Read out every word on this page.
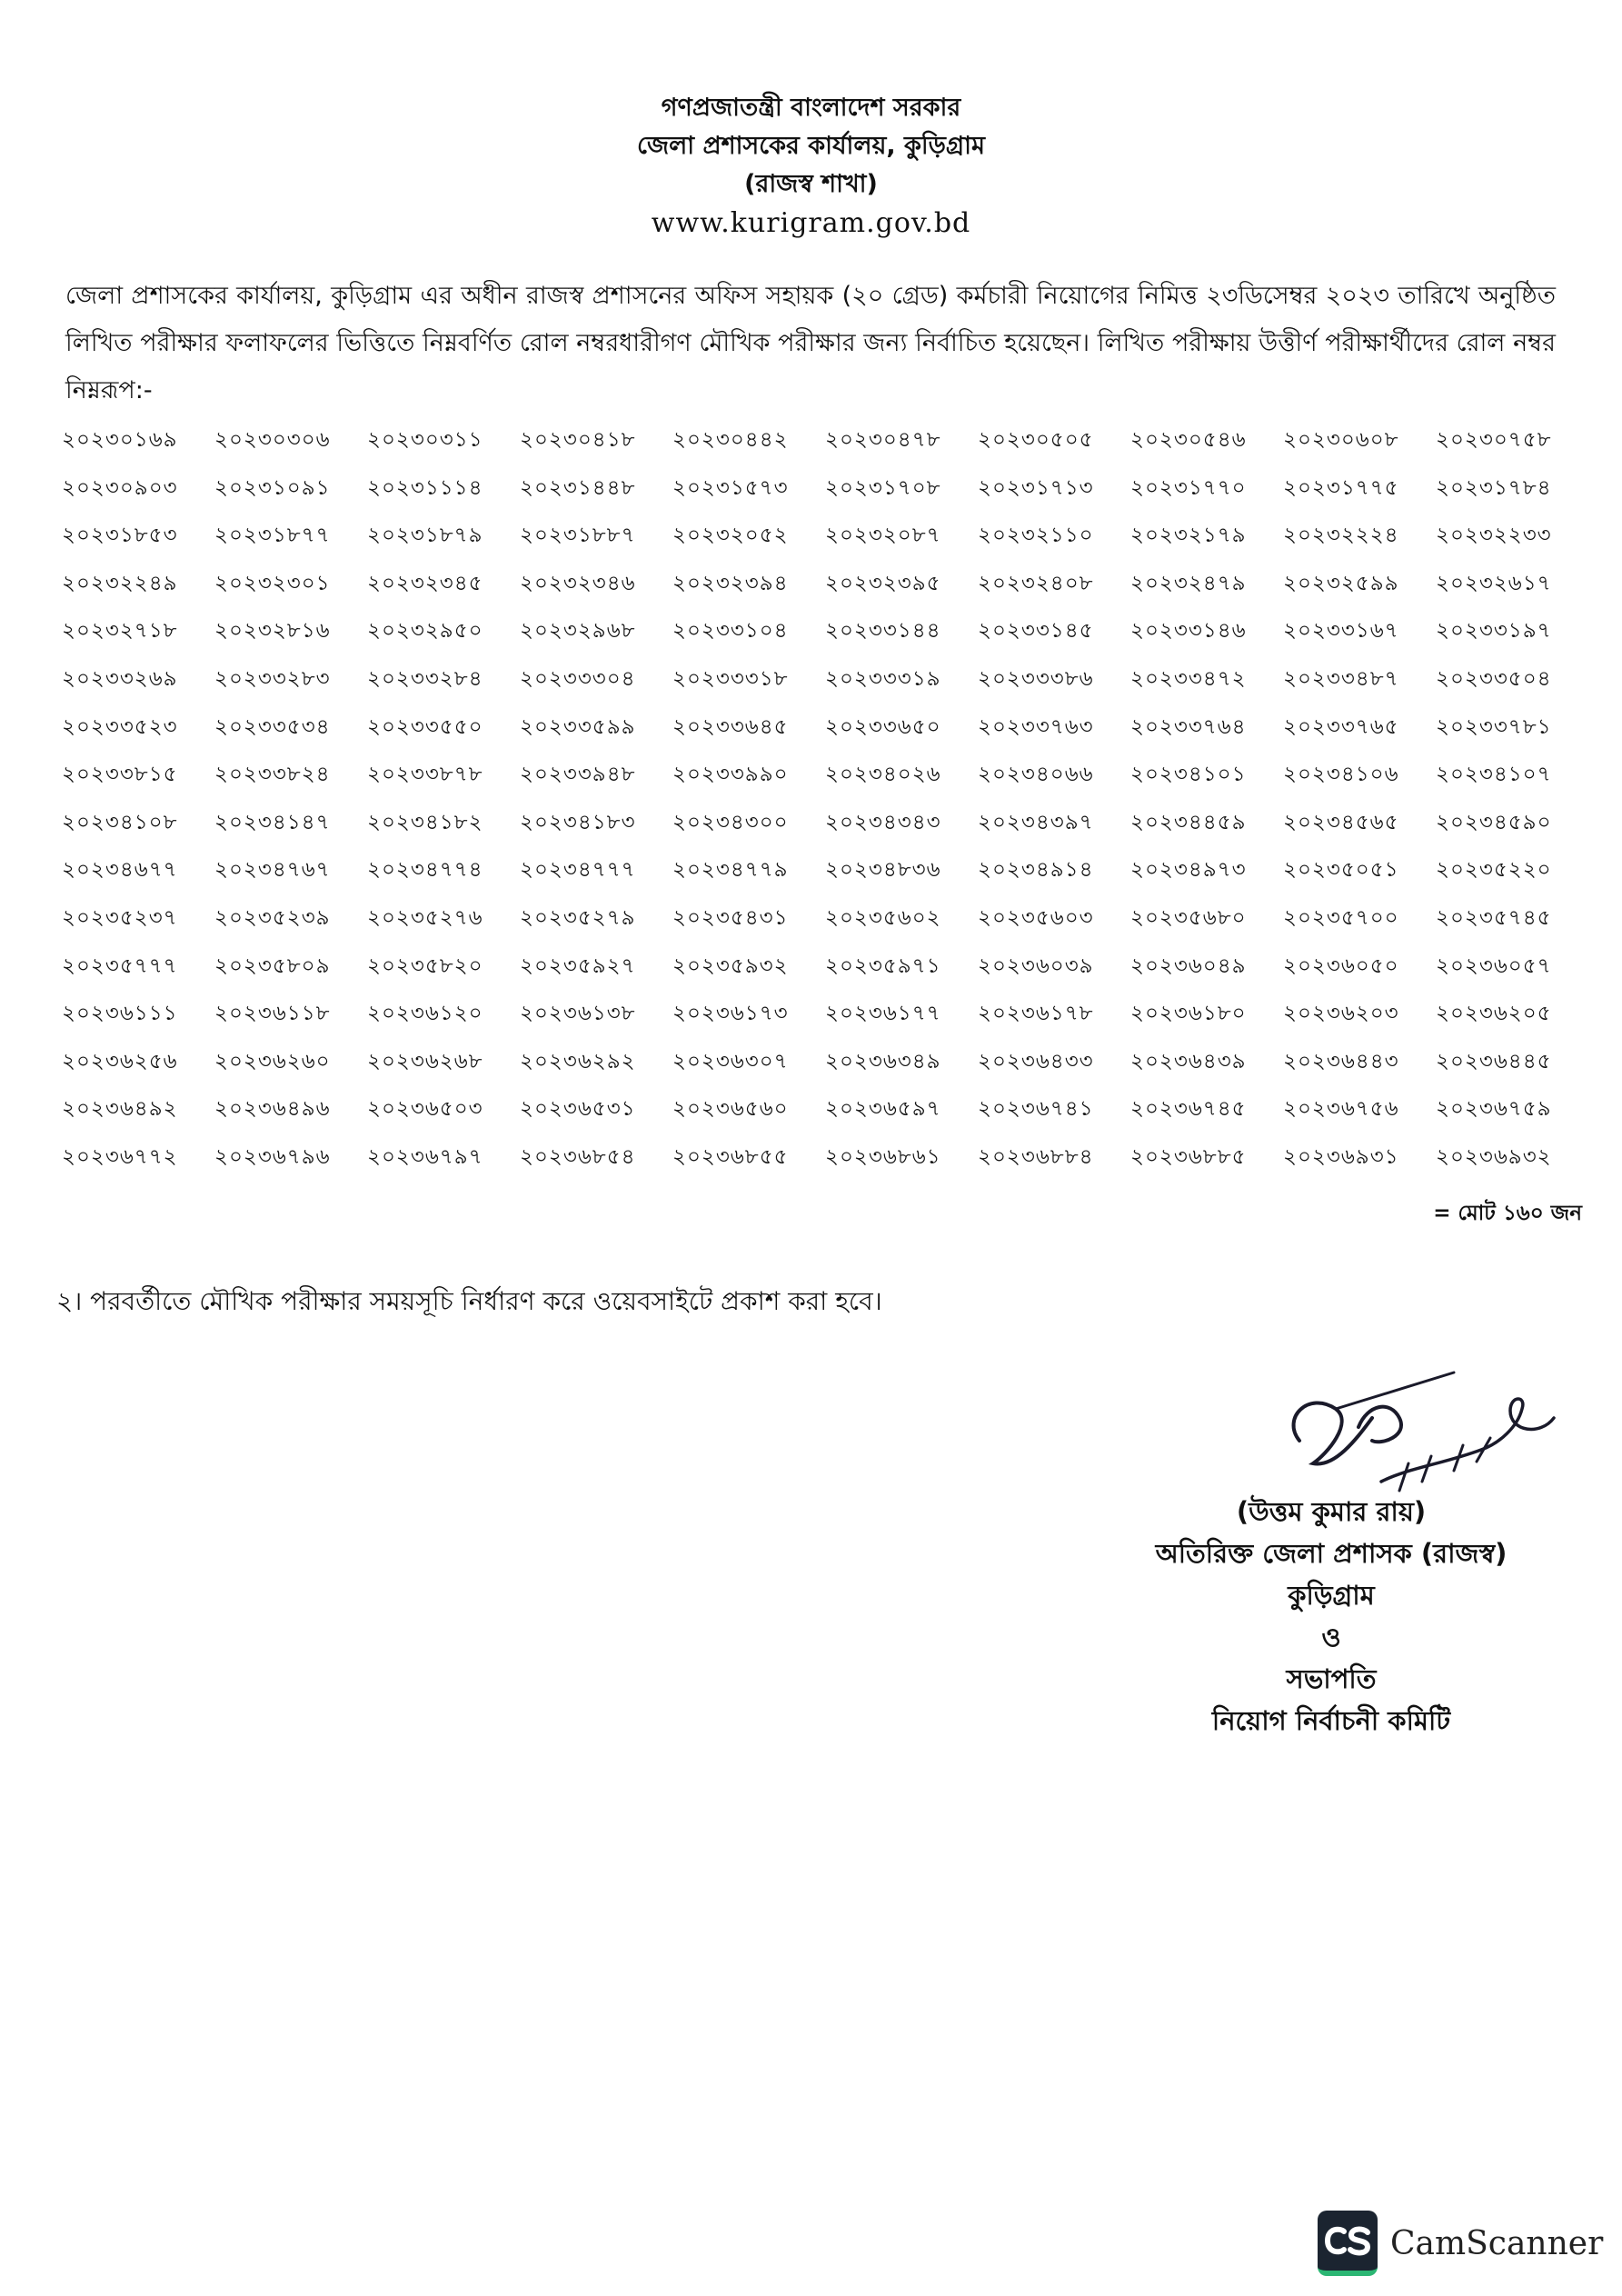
গণপ্রজাতন্ত্রী বাংলাদেশ সরকার
জেলা প্রশাসকের কার্যালয়, কুড়িগ্রাম
(রাজস্ব শাখা)
www.kurigram.gov.bd
জেলা প্রশাসকের কার্যালয়, কুড়িগ্রাম এর অধীন রাজস্ব প্রশাসনের অফিস সহায়ক (২০ গ্রেড) কর্মচারী নিয়োগের নিমিত্ত ২৩ডিসেম্বর ২০২৩ তারিখে অনুষ্ঠিত লিখিত পরীক্ষার ফলাফলের ভিত্তিতে নিম্নবর্ণিত রোল নম্বরধারীগণ মৌখিক পরীক্ষার জন্য নির্বাচিত হয়েছেন। লিখিত পরীক্ষায় উত্তীর্ণ পরীক্ষার্থীদের রোল নম্বর নিম্নরূপ:-
২০২৩০১৬৯	২০২৩০৩০৬	২০২৩০৩১১	২০২৩০৪১৮	২০২৩০৪৪২	২০২৩০৪৭৮	২০২৩০৫০৫	২০২৩০৫৪৬	২০২৩০৬০৮	২০২৩০৭৫৮
২০২৩০৯০৩	২০২৩১০৯১	২০২৩১১১৪	২০২৩১৪৪৮	২০২৩১৫৭৩	২০২৩১৭০৮	২০২৩১৭১৩	২০২৩১৭৭০	২০২৩১৭৭৫	২০২৩১৭৮৪
২০২৩১৮৫৩	২০২৩১৮৭৭	২০২৩১৮৭৯	২০২৩১৮৮৭	২০২৩২০৫২	২০২৩২০৮৭	২০২৩২১১০	২০২৩২১৭৯	২০২৩২২২৪	২০২৩২২৩৩
২০২৩২২৪৯	২০২৩২৩০১	২০২৩২৩৪৫	২০২৩২৩৪৬	২০২৩২৩৯৪	২০২৩২৩৯৫	২০২৩২৪০৮	২০২৩২৪৭৯	২০২৩২৫৯৯	২০২৩২৬১৭
২০২৩২৭১৮	২০২৩২৮১৬	২০২৩২৯৫০	২০২৩২৯৬৮	২০২৩৩১০৪	২০২৩৩১৪৪	২০২৩৩১৪৫	২০২৩৩১৪৬	২০২৩৩১৬৭	২০২৩৩১৯৭
২০২৩৩২৬৯	২০২৩৩২৮৩	২০২৩৩২৮৪	২০২৩৩৩০৪	২০২৩৩৩১৮	২০২৩৩৩১৯	২০২৩৩৩৮৬	২০২৩৩৪৭২	২০২৩৩৪৮৭	২০২৩৩৫০৪
২০২৩৩৫২৩	২০২৩৩৫৩৪	২০২৩৩৫৫০	২০২৩৩৫৯৯	২০২৩৩৬৪৫	২০২৩৩৬৫০	২০২৩৩৭৬৩	২০২৩৩৭৬৪	২০২৩৩৭৬৫	২০২৩৩৭৮১
২০২৩৩৮১৫	২০২৩৩৮২৪	২০২৩৩৮৭৮	২০২৩৩৯৪৮	২০২৩৩৯৯০	২০২৩৪০২৬	২০২৩৪০৬৬	২০২৩৪১০১	২০২৩৪১০৬	২০২৩৪১০৭
২০২৩৪১০৮	২০২৩৪১৪৭	২০২৩৪১৮২	২০২৩৪১৮৩	২০২৩৪৩০০	২০২৩৪৩৪৩	২০২৩৪৩৯৭	২০২৩৪৪৫৯	২০২৩৪৫৬৫	২০২৩৪৫৯০
২০২৩৪৬৭৭	২০২৩৪৭৬৭	২০২৩৪৭৭৪	২০২৩৪৭৭৭	২০২৩৪৭৭৯	২০২৩৪৮৩৬	২০২৩৪৯১৪	২০২৩৪৯৭৩	২০২৩৫০৫১	২০২৩৫২২০
২০২৩৫২৩৭	২০২৩৫২৩৯	২০২৩৫২৭৬	২০২৩৫২৭৯	২০২৩৫৪৩১	২০২৩৫৬০২	২০২৩৫৬০৩	২০২৩৫৬৮০	২০২৩৫৭০০	২০২৩৫৭৪৫
২০২৩৫৭৭৭	২০২৩৫৮০৯	২০২৩৫৮২০	২০২৩৫৯২৭	২০২৩৫৯৩২	২০২৩৫৯৭১	২০২৩৬০৩৯	২০২৩৬০৪৯	২০২৩৬০৫০	২০২৩৬০৫৭
২০২৩৬১১১	২০২৩৬১১৮	২০২৩৬১২০	২০২৩৬১৩৮	২০২৩৬১৭৩	২০২৩৬১৭৭	২০২৩৬১৭৮	২০২৩৬১৮০	২০২৩৬২০৩	২০২৩৬২০৫
২০২৩৬২৫৬	২০২৩৬২৬০	২০২৩৬২৬৮	২০২৩৬২৯২	২০২৩৬৩০৭	২০২৩৬৩৪৯	২০২৩৬৪৩৩	২০২৩৬৪৩৯	২০২৩৬৪৪৩	২০২৩৬৪৪৫
২০২৩৬৪৯২	২০২৩৬৪৯৬	২০২৩৬৫০৩	২০২৩৬৫৩১	২০২৩৬৫৬০	২০২৩৬৫৯৭	২০২৩৬৭৪১	২০২৩৬৭৪৫	২০২৩৬৭৫৬	২০২৩৬৭৫৯
২০২৩৬৭৭২	২০২৩৬৭৯৬	২০২৩৬৭৯৭	২০২৩৬৮৫৪	২০২৩৬৮৫৫	২০২৩৬৮৬১	২০২৩৬৮৮৪	২০২৩৬৮৮৫	২০২৩৬৯৩১	২০২৩৬৯৩২
= মোট ১৬০ জন
২। পরবর্তীতে মৌখিক পরীক্ষার সময়সূচি নির্ধারণ করে ওয়েবসাইটে প্রকাশ করা হবে।
(উত্তম কুমার রায়)
অতিরিক্ত জেলা প্রশাসক (রাজস্ব)
কুড়িগ্রাম
ও
সভাপতি
নিয়োগ নির্বাচনী কমিটি
CamScanner
